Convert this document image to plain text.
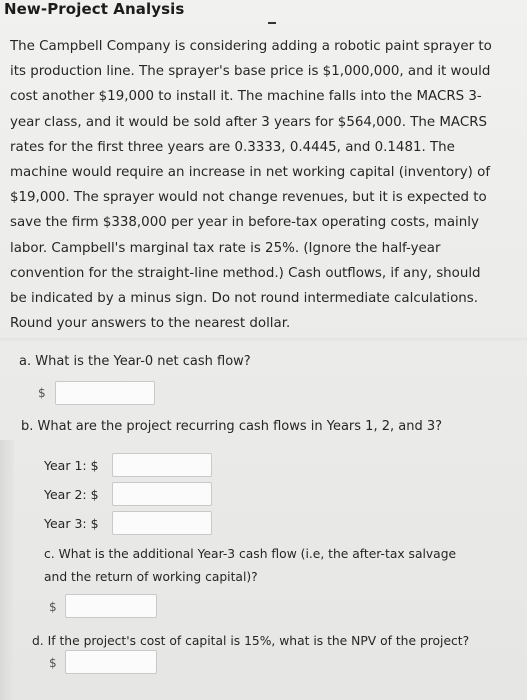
New-Project Analysis
The Campbell Company is considering adding a robotic paint sprayer to
its production line. The sprayer's base price is $1,000,000, and it would
cost another $19,000 to install it. The machine falls into the MACRS 3-
year class, and it would be sold after 3 years for $564,000. The MACRS
rates for the first three years are 0.3333, 0.4445, and 0.1481. The
machine would require an increase in net working capital (inventory) of
$19,000. The sprayer would not change revenues, but it is expected to
save the firm $338,000 per year in before-tax operating costs, mainly
labor. Campbell's marginal tax rate is 25%. (Ignore the half-year
convention for the straight-line method.) Cash outflows, if any, should
be indicated by a minus sign. Do not round intermediate calculations.
Round your answers to the nearest dollar.
a. What is the Year-0 net cash flow?
$
b. What are the project recurring cash flows in Years 1, 2, and 3?
Year 1: $
Year 2: $
Year 3: $
c. What is the additional Year-3 cash flow (i.e, the after-tax salvage
and the return of working capital)?
$
d. If the project's cost of capital is 15%, what is the NPV of the project?
$
